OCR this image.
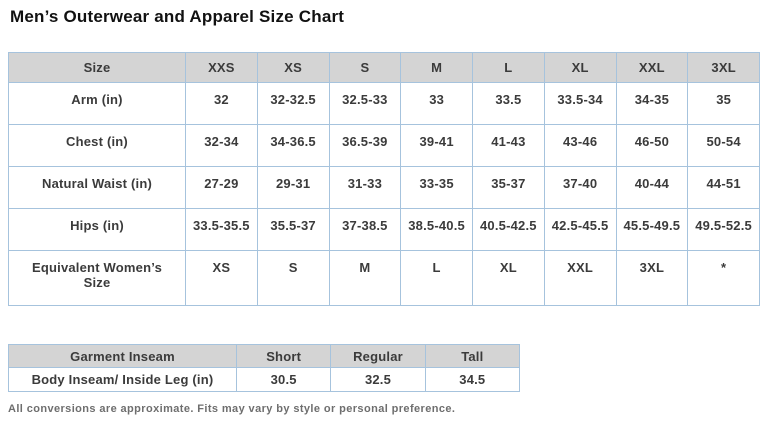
Men’s Outerwear and Apparel Size Chart
Size	XXS	XS	S	M	L	XL	XXL	3XL
Arm (in)	32	32-32.5	32.5-33	33	33.5	33.5-34	34-35	35
Chest (in)	32-34	34-36.5	36.5-39	39-41	41-43	43-46	46-50	50-54
Natural Waist (in)	27-29	29-31	31-33	33-35	35-37	37-40	40-44	44-51
Hips (in)	33.5-35.5	35.5-37	37-38.5	38.5-40.5	40.5-42.5	42.5-45.5	45.5-49.5	49.5-52.5
Equivalent Women’s Size	XS	S	M	L	XL	XXL	3XL	*
Garment Inseam	Short	Regular	Tall
Body Inseam/ Inside Leg (in)	30.5	32.5	34.5

All conversions are approximate. Fits may vary by style or personal preference.
